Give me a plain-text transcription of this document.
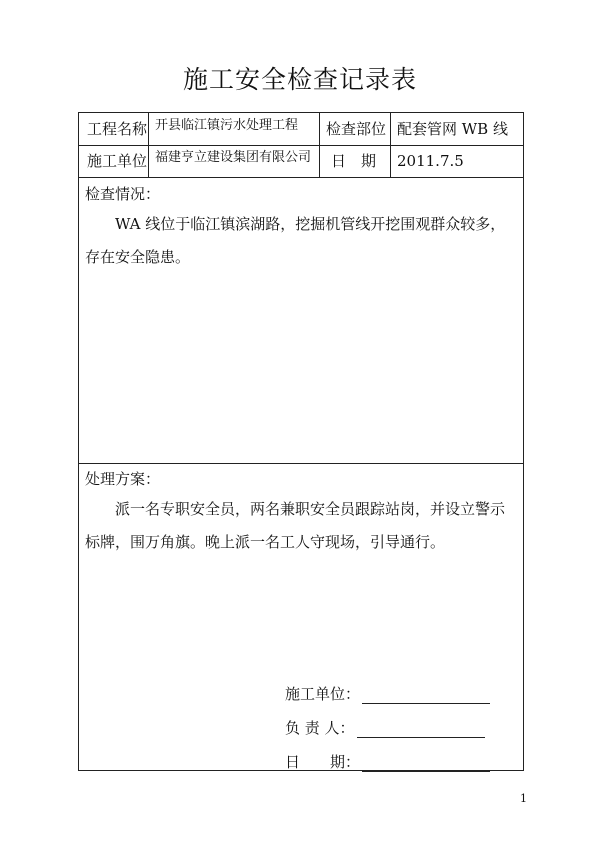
施工安全检查记录表
工程名称 开县临江镇污水处理工程 检查部位 配套管网 WB 线
施工单位 福建亨立建设集团有限公司 日　期 2011.7.5
检查情况：

WA 线位于临江镇滨湖路，挖掘机管线开挖围观群众较多，存在安全隐患。

处理方案：

派一名专职安全员，两名兼职安全员跟踪站岗，并设立警示标牌，围万角旗。晚上派一名工人守现场，引导通行。

施工单位：
负 责 人：
日　　期：
1
